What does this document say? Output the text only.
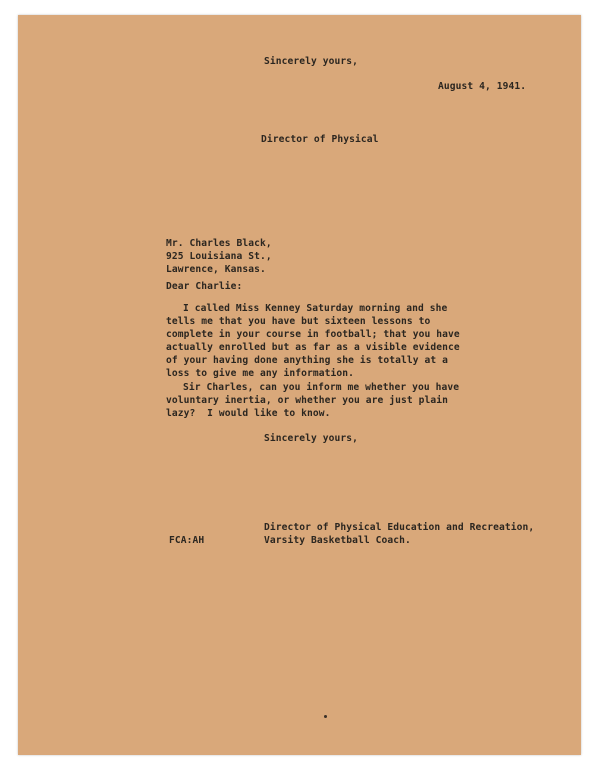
Sincerely yours,
August 4, 1941.
Director of Physical
Mr. Charles Black,
925 Louisiana St.,
Lawrence, Kansas.
Dear Charlie:
I called Miss Kenney Saturday morning and she
tells me that you have but sixteen lessons to
complete in your course in football; that you have
actually enrolled but as far as a visible evidence
of your having done anything she is totally at a
loss to give me any information.
Sir Charles, can you inform me whether you have
voluntary inertia, or whether you are just plain
lazy?  I would like to know.
Sincerely yours,
FCA:AH
Director of Physical Education and Recreation,
Varsity Basketball Coach.
